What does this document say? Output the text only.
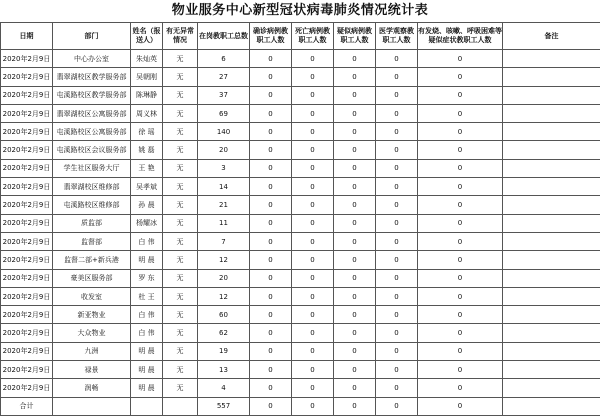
物业服务中心新型冠状病毒肺炎情况统计表
日期	部门	姓名（报送人）	有无异常情况	在岗教职工总数	确诊病例教职工人数	死亡病例教职工人数	疑似病例教职工人数	医学观察教职工人数	有发烧、咳嗽、呼吸困难等疑似症状教职工人数	备注
2020年2月9日	中心办公室	朱灿英	无	6	0	0	0	0	0	
2020年2月9日	翡翠湖校区教学服务部	吴朝刚	无	27	0	0	0	0	0	
2020年2月9日	屯溪路校区教学服务部	陈琳静	无	37	0	0	0	0	0	
2020年2月9日	翡翠湖校区公寓服务部	周义林	无	69	0	0	0	0	0	
2020年2月9日	屯溪路校区公寓服务部	徐 瑶	无	140	0	0	0	0	0	
2020年2月9日	屯溪路校区会议服务部	姚 磊	无	20	0	0	0	0	0	
2020年2月9日	学生社区服务大厅	王 艳	无	3	0	0	0	0	0	
2020年2月9日	翡翠湖校区维修部	吴孝斌	无	14	0	0	0	0	0	
2020年2月9日	屯溪路校区维修部	孙 晨	无	21	0	0	0	0	0	
2020年2月9日	质监部	杨耀冰	无	11	0	0	0	0	0	
2020年2月9日	监督部	白 伟	无	7	0	0	0	0	0	
2020年2月9日	监督二部+新兵港	明 晨	无	12	0	0	0	0	0	
2020年2月9日	豪美区服务部	罗 东	无	20	0	0	0	0	0	
2020年2月9日	收发室	杜 王	无	12	0	0	0	0	0	
2020年2月9日	新亚物业	白 伟	无	60	0	0	0	0	0	
2020年2月9日	大众物业	白 伟	无	62	0	0	0	0	0	
2020年2月9日	九洲	明 晨	无	19	0	0	0	0	0	
2020年2月9日	禄景	明 晨	无	13	0	0	0	0	0	
2020年2月9日	润畅	明 晨	无	4	0	0	0	0	0	
合计				557	0	0	0	0	0	
